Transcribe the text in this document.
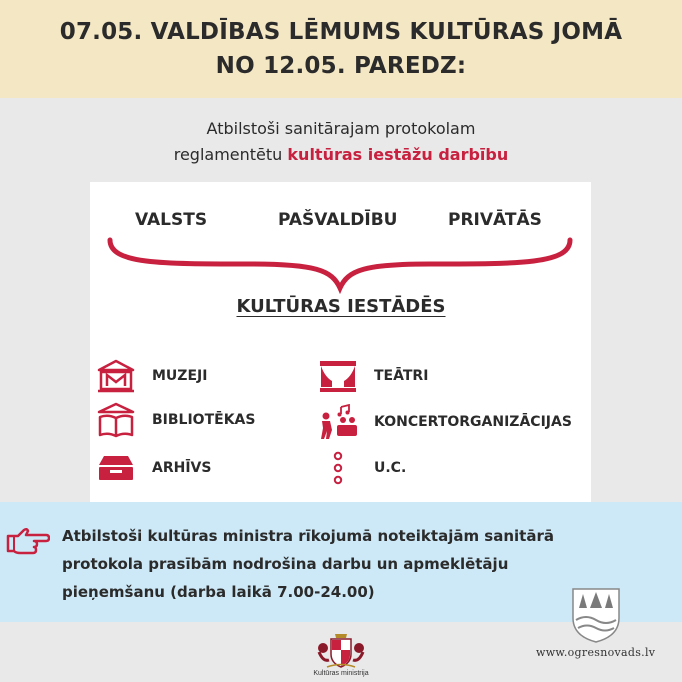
07.05. VALDĪBAS LĒMUMS KULTŪRAS JOMĀ
NO 12.05. PAREDZ:
Atbilstoši sanitārajam protokolam
reglamentētu kultūras iestāžu darbību
VALSTS	PAŠVALDĪBU	PRIVĀTĀS
KULTŪRAS IESTĀDĒS
MUZEJI
BIBLIOTĒKAS
ARHĪVS
TEĀTRI
KONCERTORGANIZĀCIJAS
U.C.
Atbilstoši kultūras ministra rīkojumā noteiktajām sanitārā
protokola prasībām nodrošina darbu un apmeklētāju
pieņemšanu (darba laikā 7.00-24.00)
www.ogresnovads.lv
Kultūras ministrija
